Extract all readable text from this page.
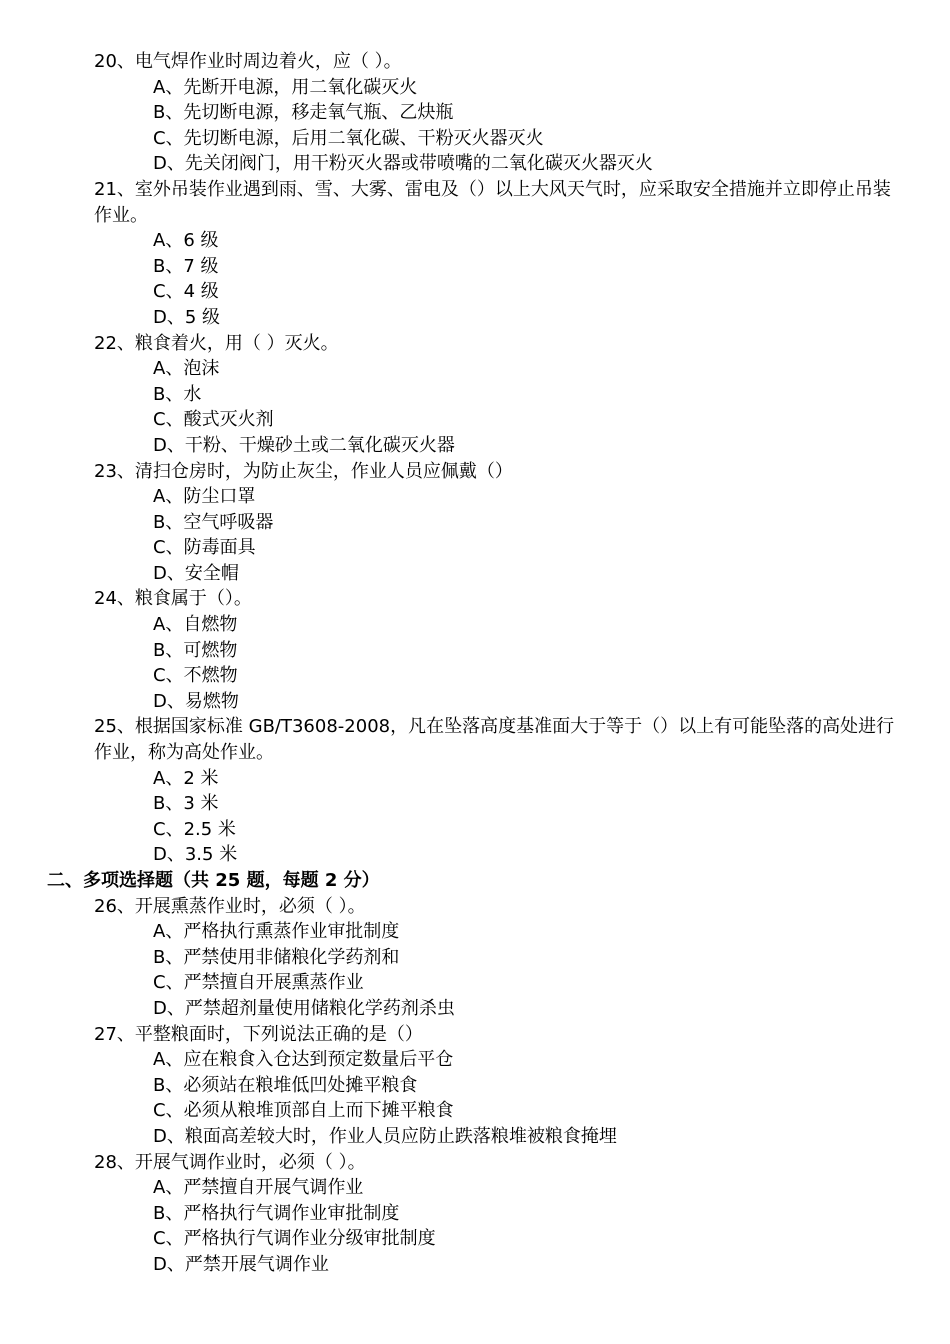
20、电气焊作业时周边着火，应（ ）。
A、先断开电源，用二氧化碳灭火
B、先切断电源，移走氧气瓶、乙炔瓶
C、先切断电源，后用二氧化碳、干粉灭火器灭火
D、先关闭阀门，用干粉灭火器或带喷嘴的二氧化碳灭火器灭火
21、室外吊装作业遇到雨、雪、大雾、雷电及（）以上大风天气时，应采取安全措施并立即停止吊装作业。
A、6 级
B、7 级
C、4 级
D、5 级
22、粮食着火，用（ ）灭火。
A、泡沫
B、水
C、酸式灭火剂
D、干粉、干燥砂土或二氧化碳灭火器
23、清扫仓房时，为防止灰尘，作业人员应佩戴（）
A、防尘口罩
B、空气呼吸器
C、防毒面具
D、安全帽
24、粮食属于（）。
A、自燃物
B、可燃物
C、不燃物
D、易燃物
25、根据国家标准 GB/T3608-2008，凡在坠落高度基准面大于等于（）以上有可能坠落的高处进行作业，称为高处作业。
A、2 米
B、3 米
C、2.5 米
D、3.5 米
二、多项选择题（共 25 题，每题 2 分）
26、开展熏蒸作业时，必须（ ）。
A、严格执行熏蒸作业审批制度
B、严禁使用非储粮化学药剂和
C、严禁擅自开展熏蒸作业
D、严禁超剂量使用储粮化学药剂杀虫
27、平整粮面时，下列说法正确的是（）
A、应在粮食入仓达到预定数量后平仓
B、必须站在粮堆低凹处摊平粮食
C、必须从粮堆顶部自上而下摊平粮食
D、粮面高差较大时，作业人员应防止跌落粮堆被粮食掩埋
28、开展气调作业时，必须（ ）。
A、严禁擅自开展气调作业
B、严格执行气调作业审批制度
C、严格执行气调作业分级审批制度
D、严禁开展气调作业
